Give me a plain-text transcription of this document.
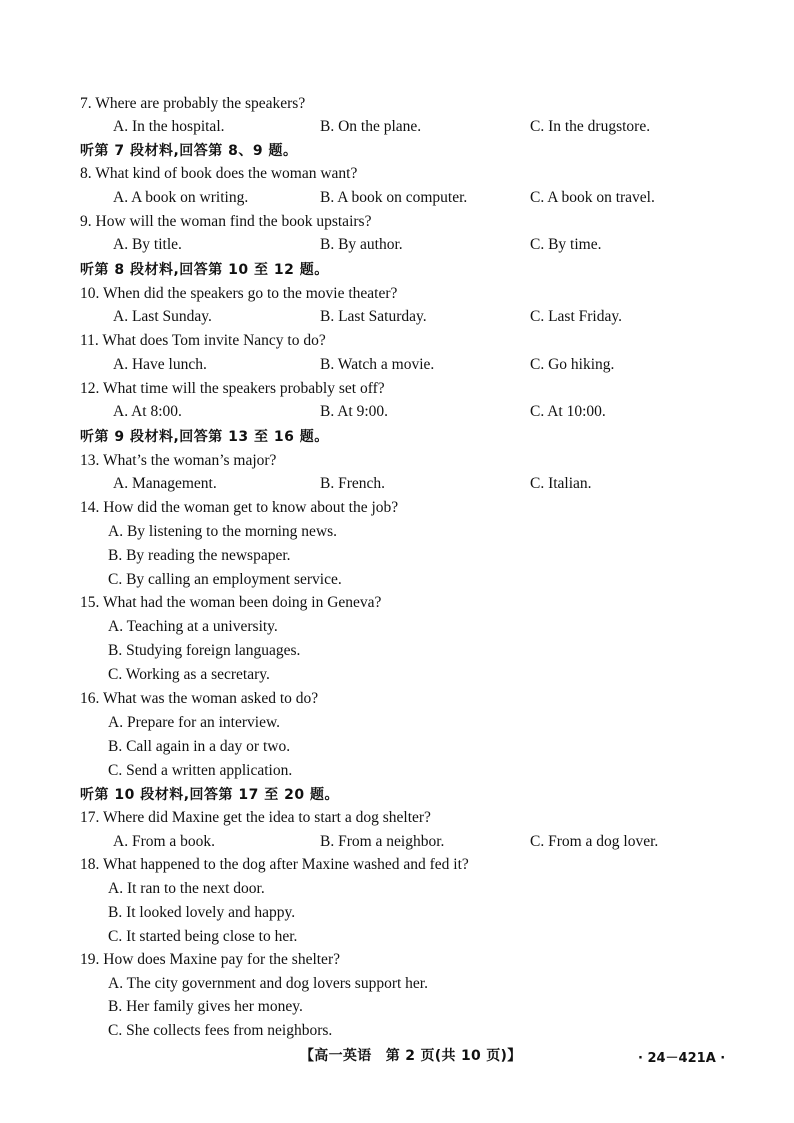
7. Where are probably the speakers?
A. In the hospital.	B. On the plane.	C. In the drugstore.
听第 7 段材料,回答第 8、9 题。
8. What kind of book does the woman want?
A. A book on writing.	B. A book on computer.	C. A book on travel.
9. How will the woman find the book upstairs?
A. By title.	B. By author.	C. By time.
听第 8 段材料,回答第 10 至 12 题。
10. When did the speakers go to the movie theater?
A. Last Sunday.	B. Last Saturday.	C. Last Friday.
11. What does Tom invite Nancy to do?
A. Have lunch.	B. Watch a movie.	C. Go hiking.
12. What time will the speakers probably set off?
A. At 8:00.	B. At 9:00.	C. At 10:00.
听第 9 段材料,回答第 13 至 16 题。
13. What’s the woman’s major?
A. Management.	B. French.	C. Italian.
14. How did the woman get to know about the job?
A. By listening to the morning news.
B. By reading the newspaper.
C. By calling an employment service.
15. What had the woman been doing in Geneva?
A. Teaching at a university.
B. Studying foreign languages.
C. Working as a secretary.
16. What was the woman asked to do?
A. Prepare for an interview.
B. Call again in a day or two.
C. Send a written application.
听第 10 段材料,回答第 17 至 20 题。
17. Where did Maxine get the idea to start a dog shelter?
A. From a book.	B. From a neighbor.	C. From a dog lover.
18. What happened to the dog after Maxine washed and fed it?
A. It ran to the next door.
B. It looked lovely and happy.
C. It started being close to her.
19. How does Maxine pay for the shelter?
A. The city government and dog lovers support her.
B. Her family gives her money.
C. She collects fees from neighbors.
【高一英语　第 2 页(共 10 页)】	· 24－421A ·
